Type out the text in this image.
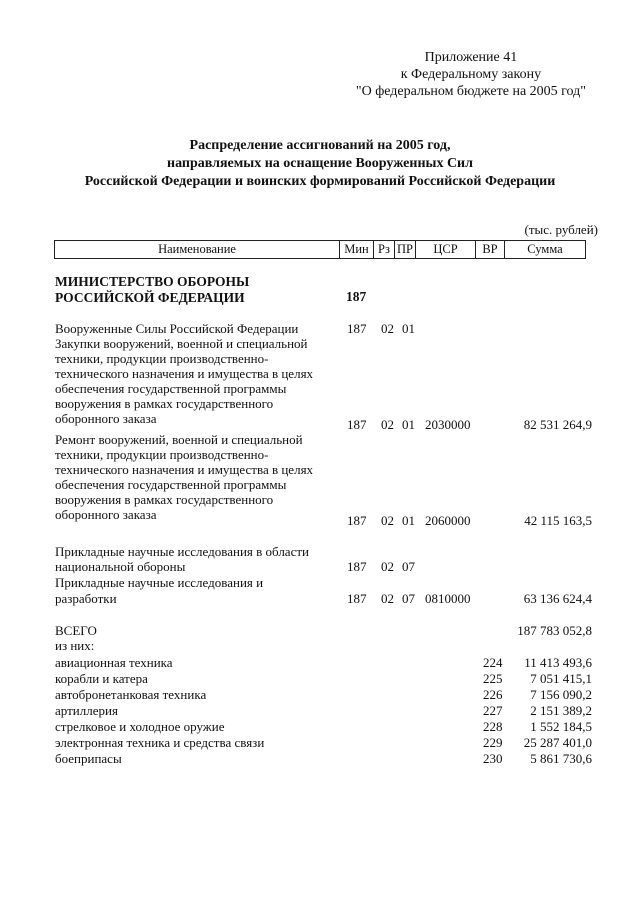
Приложение 41
к Федеральному закону
"О федеральном бюджете на 2005 год"
Распределение ассигнований на 2005 год,
направляемых на оснащение Вооруженных Сил
Российской Федерации и воинских формирований Российской Федерации
(тыс. рублей)
Наименование	Мин	Рз	ПР	ЦСР	ВР	Сумма
МИНИСТЕРСТВО ОБОРОНЫ
РОССИЙСКОЙ ФЕДЕРАЦИИ	187
Вооруженные Силы Российской Федерации	187 02 01
Закупки вооружений, военной и специальной
техники, продукции производственно-
технического назначения и имущества в целях
обеспечения государственной программы
вооружения в рамках государственного
оборонного заказа	187 02 01 2030000	82 531 264,9
Ремонт вооружений, военной и специальной
техники, продукции производственно-
технического назначения и имущества в целях
обеспечения государственной программы
вооружения в рамках государственного
оборонного заказа	187 02 01 2060000	42 115 163,5
Прикладные научные исследования в области
национальной обороны	187 02 07
Прикладные научные исследования и
разработки	187 02 07 0810000	63 136 624,4
ВСЕГО	187 783 052,8
из них:
авиационная техника	224	11 413 493,6
корабли и катера	225	7 051 415,1
автобронетанковая техника	226	7 156 090,2
артиллерия	227	2 151 389,2
стрелковое и холодное оружие	228	1 552 184,5
электронная техника и средства связи	229	25 287 401,0
боеприпасы	230	5 861 730,6
